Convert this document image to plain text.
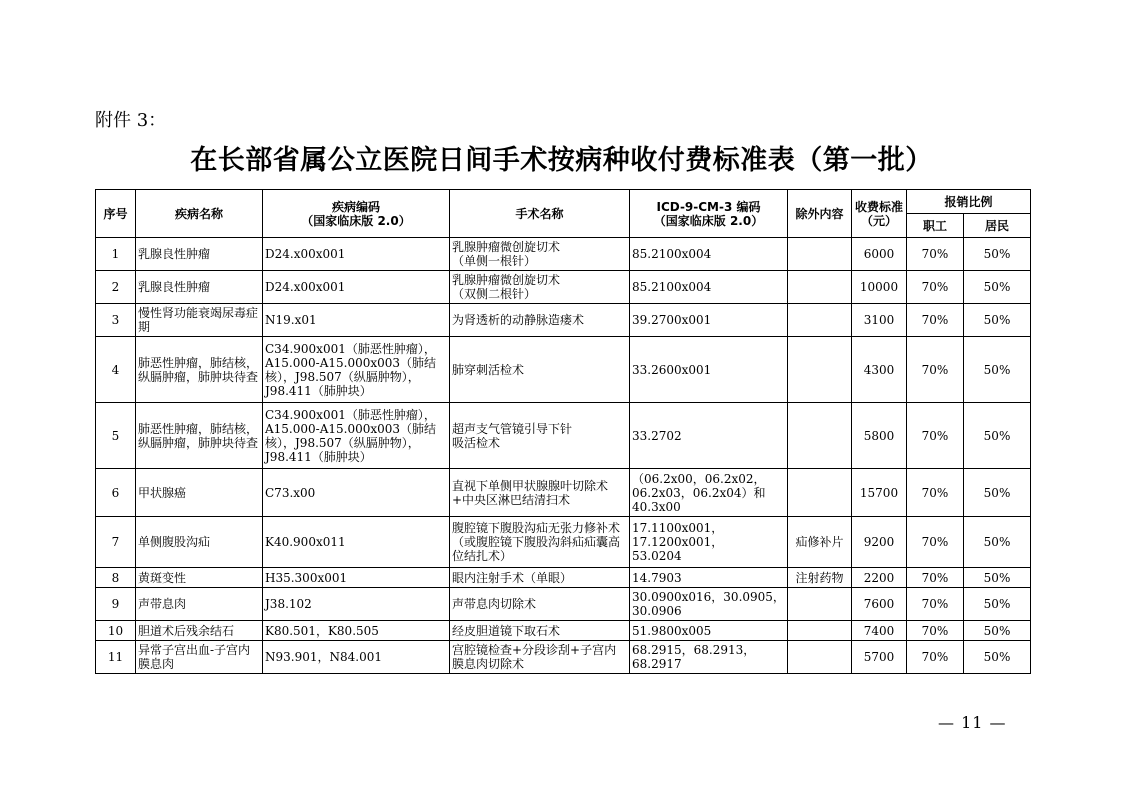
附件 3：
在长部省属公立医院日间手术按病种收付费标准表（第一批）
序号	疾病名称	疾病编码
（国家临床版 2.0）	手术名称	ICD-9-CM-3 编码
（国家临床版 2.0）	除外内容	收费标准
（元）	报销比例	
							职工	居民
1	乳腺良性肿瘤	D24.x00x001	乳腺肿瘤微创旋切术
（单侧一根针）	85.2100x004		6000	70%	50%
2	乳腺良性肿瘤	D24.x00x001	乳腺肿瘤微创旋切术
（双侧二根针）	85.2100x004		10000	70%	50%
3	慢性肾功能衰竭尿毒症期	N19.x01	为肾透析的动静脉造瘘术	39.2700x001		3100	70%	50%
4	肺恶性肿瘤，肺结核，纵膈肿瘤，肺肿块待查	C34.900x001（肺恶性肿瘤），A15.000-A15.000x003（肺结核），J98.507（纵膈肿物），J98.411（肺肿块）	肺穿刺活检术	33.2600x001		4300	70%	50%
5	肺恶性肿瘤，肺结核，纵膈肿瘤，肺肿块待查	C34.900x001（肺恶性肿瘤），A15.000-A15.000x003（肺结核），J98.507（纵膈肿物），J98.411（肺肿块）	超声支气管镜引导下针
吸活检术	33.2702		5800	70%	50%
6	甲状腺癌	C73.x00	直视下单侧甲状腺腺叶切除术
+中央区淋巴结清扫术	（06.2x00，06.2x02，06.2x03，06.2x04）和40.3x00		15700	70%	50%
7	单侧腹股沟疝	K40.900x011	腹腔镜下腹股沟疝无张力修补术（或腹腔镜下腹股沟斜疝疝囊高位结扎术）	17.1100x001，
17.1200x001，
53.0204	疝修补片	9200	70%	50%
8	黄斑变性	H35.300x001	眼内注射手术（单眼）	14.7903	注射药物	2200	70%	50%
9	声带息肉	J38.102	声带息肉切除术	30.0900x016，30.0905，
30.0906		7600	70%	50%
10	胆道术后残余结石	K80.501，K80.505	经皮胆道镜下取石术	51.9800x005		7400	70%	50%
11	异常子宫出血-子宫内膜息肉	N93.901，N84.001	宫腔镜检查+分段诊刮+子宫内膜息肉切除术	68.2915，68.2913，68.2917		5700	70%	50%
— 11 —
